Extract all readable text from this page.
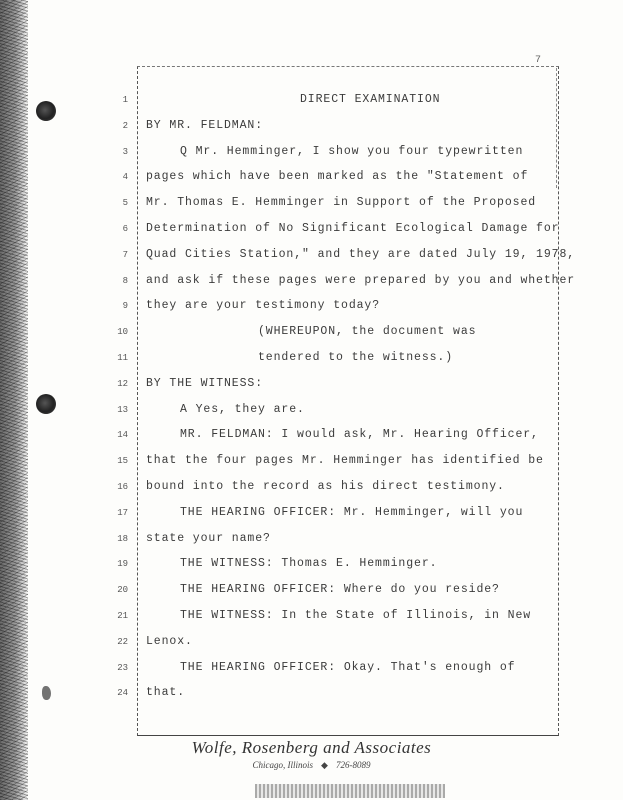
7
1	DIRECT EXAMINATION
2 BY MR. FELDMAN:
3	Q Mr. Hemminger, I show you four typewritten
4 pages which have been marked as the "Statement of
5 Mr. Thomas E. Hemminger in Support of the Proposed
6 Determination of No Significant Ecological Damage for
7 Quad Cities Station," and they are dated July 19, 1978,
8 and ask if these pages were prepared by you and whether
9 they are your testimony today?
10	(WHEREUPON, the document was
11	tendered to the witness.)
12 BY THE WITNESS:
13	A Yes, they are.
14	MR. FELDMAN: I would ask, Mr. Hearing Officer,
15 that the four pages Mr. Hemminger has identified be
16 bound into the record as his direct testimony.
17	THE HEARING OFFICER: Mr. Hemminger, will you
18 state your name?
19	THE WITNESS: Thomas E. Hemminger.
20	THE HEARING OFFICER: Where do you reside?
21	THE WITNESS: In the State of Illinois, in New
22 Lenox.
23	THE HEARING OFFICER: Okay. That's enough of
24 that.
Wolfe, Rosenberg and Associates
Chicago, Illinois ◆ 726-8089
